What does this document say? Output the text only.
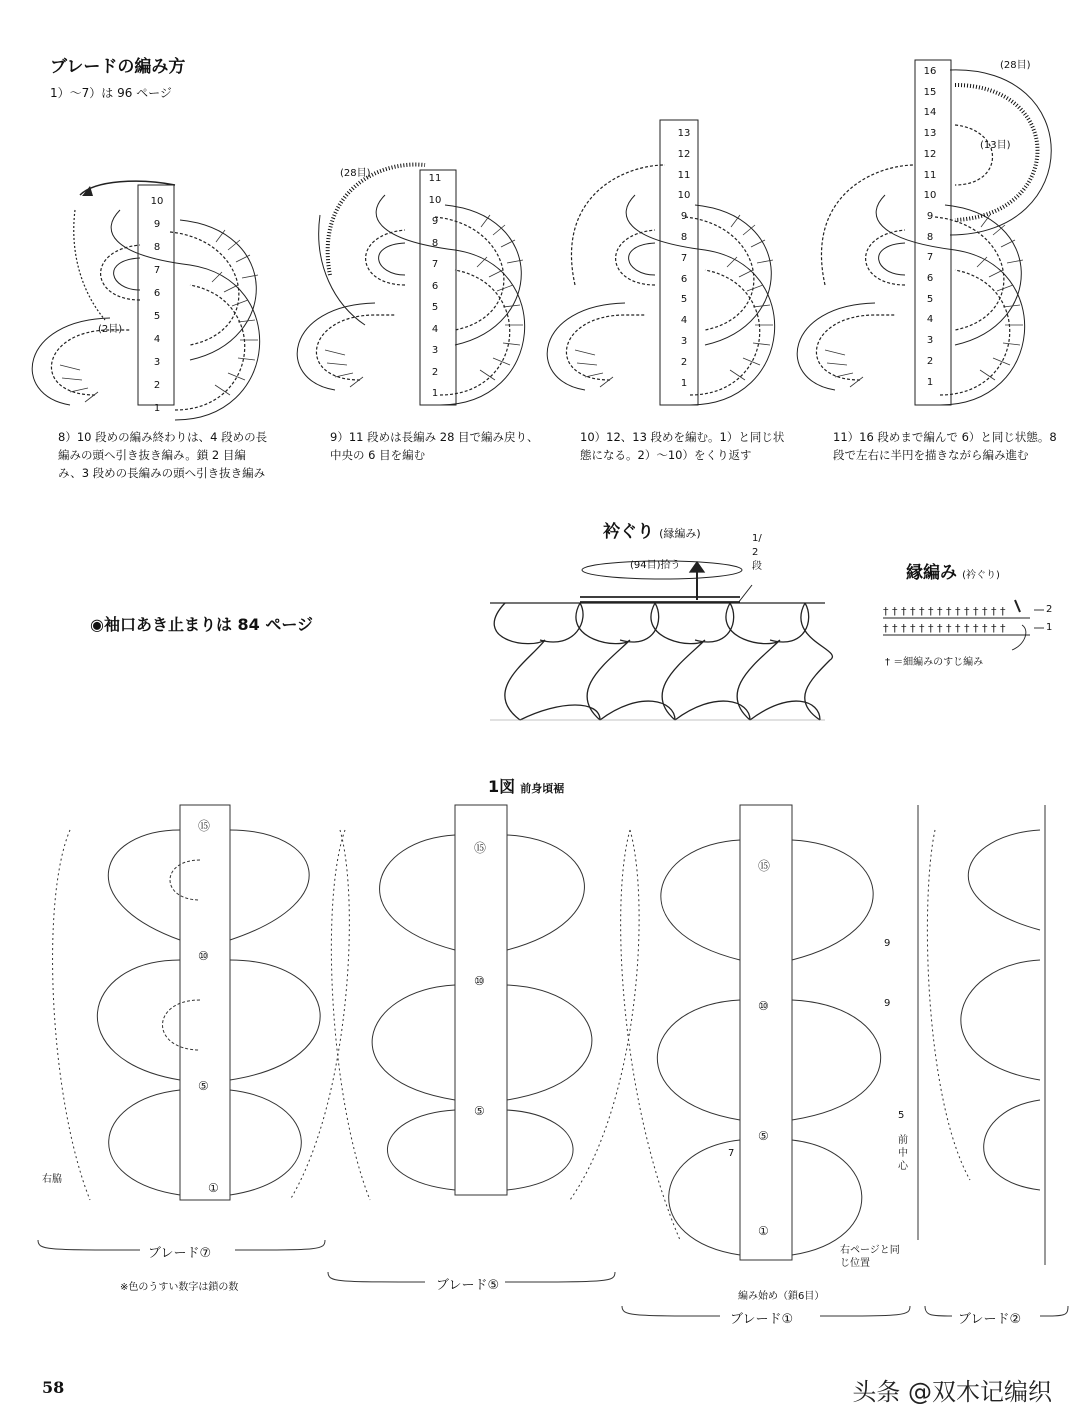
ブレードの編み方
1）～7）は 96 ページ
† † † † † † † † † † † † † †
† † † † † † † † † † † † † †
⑮
⑩
⑤
①
⑮
⑩
⑤
⑮
⑩
⑤
①
10
9
8
7
6
5
4
3
2
1
(2目)
11
10
9
8
7
6
5
4
3
2
1
(28目)
13
12
11
10
9
8
7
6
5
4
3
2
1
16
15
14
13
12
11
10
9
8
7
6
5
4
3
2
1
(28目)
(13目)
8）10 段めの編み終わりは、4 段めの長編みの頭へ引き抜き編み。鎖 2 目編み、3 段めの長編みの頭へ引き抜き編み
9）11 段めは長編み 28 目で編み戻り、中央の 6 目を編む
10）12、13 段めを編む。1）と同じ状態になる。2）～10）をくり返す
11）16 段めまで編んで 6）と同じ状態。8 段で左右に半円を描きながら編み進む
◉袖口あき止まりは 84 ページ
衿ぐり (縁編み)
(94目)拾う
1/2段	縁編み (衿ぐり)
2
1
† ＝細編みのすじ編み
1図 前身頃裾
右脇
前中心
右ページと同じ位置
編み始め（鎖6目）
※色のうすい数字は鎖の数
9
9
5
7
ブレード⑦
ブレード⑤
ブレード①	ブレード②
58	头条 @双木记编织
